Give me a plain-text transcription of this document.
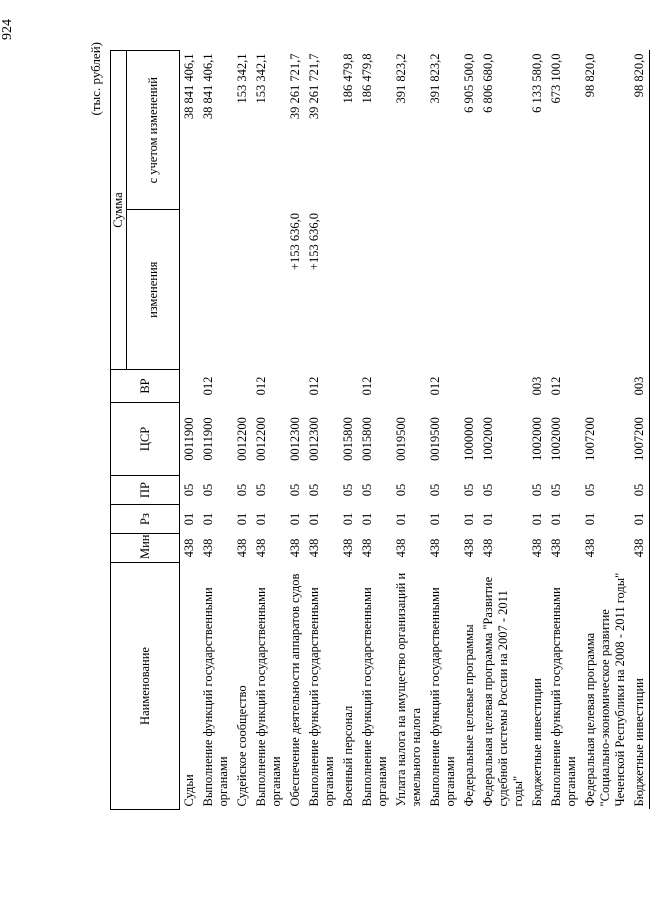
924
(тыс. рублей)
Наименование	Мин	Рз	ПР	ЦСР	ВР	Сумма	
						изменения	с учетом изменений
Судьи	438	01	05	0011900			38 841 406,1
Выполнение функций государственными органами	438	01	05	0011900	012		38 841 406,1
Судейское сообщество	438	01	05	0012200			153 342,1
Выполнение функций государственными органами	438	01	05	0012200	012		153 342,1
Обеспечение деятельности аппаратов судов	438	01	05	0012300		+153 636,0	39 261 721,7
Выполнение функций государственными органами	438	01	05	0012300	012	+153 636,0	39 261 721,7
Военный персонал	438	01	05	0015800			186 479,8
Выполнение функций государственными органами	438	01	05	0015800	012		186 479,8
Уплата налога на имущество организаций и земельного налога	438	01	05	0019500			391 823,2
Выполнение функций государственными органами	438	01	05	0019500	012		391 823,2
Федеральные целевые программы	438	01	05	1000000			6 905 500,0
Федеральная целевая программа "Развитие судебной системы России на 2007 - 2011 годы"	438	01	05	1002000			6 806 680,0
Бюджетные инвестиции	438	01	05	1002000	003		6 133 580,0
Выполнение функций государственными органами	438	01	05	1002000	012		673 100,0
Федеральная целевая программа "Социально-экономическое развитие Чеченской Республики на 2008 - 2011 годы"	438	01	05	1007200			98 820,0
Бюджетные инвестиции	438	01	05	1007200	003		98 820,0
